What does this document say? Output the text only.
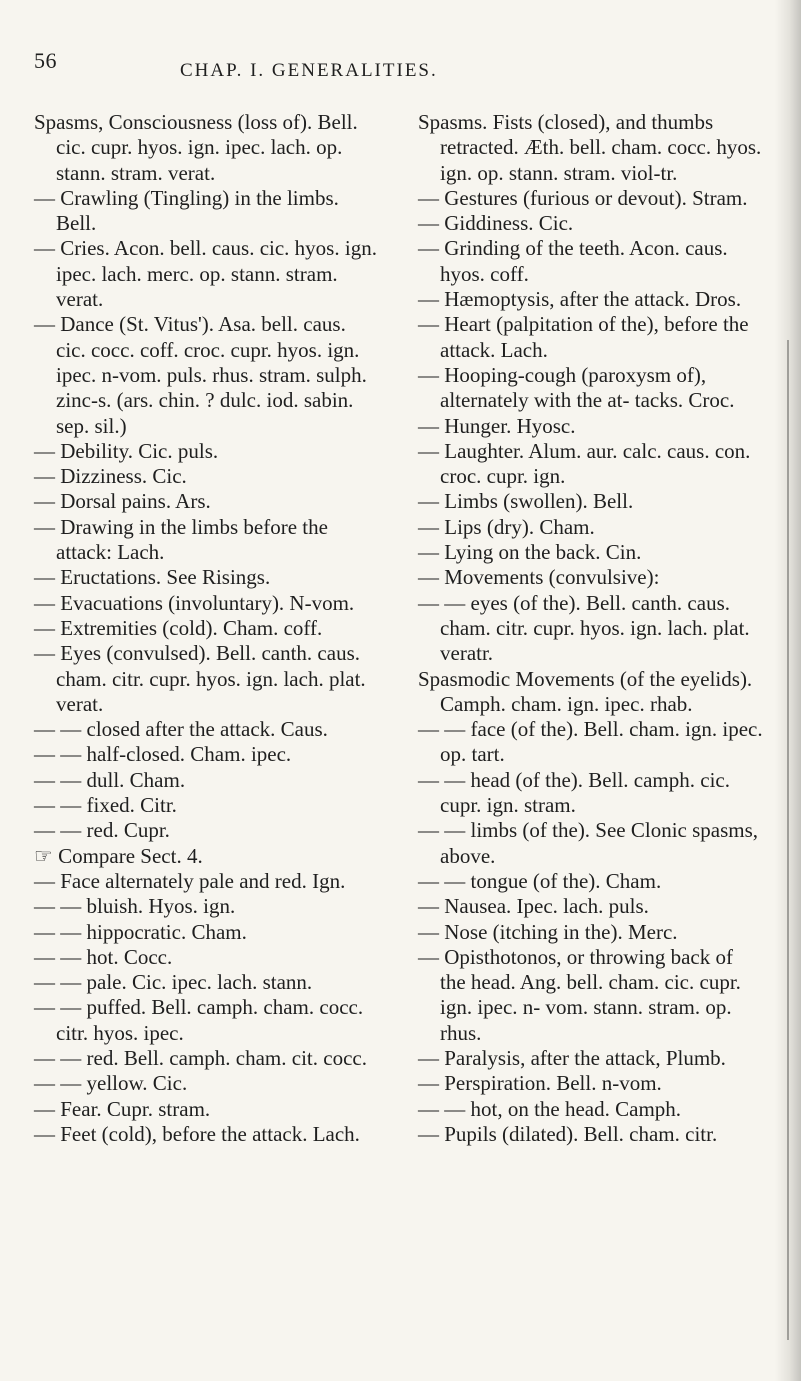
56	CHAP. I. GENERALITIES.

Spasms, Consciousness (loss of). Bell. cic. cupr. hyos. ign. ipec. lach. op. stann. stram. verat.

— Crawling (Tingling) in the limbs. Bell.

— Cries. Acon. bell. caus. cic. hyos. ign. ipec. lach. merc. op. stann. stram. verat.

— Dance (St. Vitus'). Asa. bell. caus. cic. cocc. coff. croc. cupr. hyos. ign. ipec. n-vom. puls. rhus. stram. sulph. zinc-s. (ars. chin. ? dulc. iod. sabin. sep. sil.)

— Debility. Cic. puls.

— Dizziness. Cic.

— Dorsal pains. Ars.

— Drawing in the limbs before the attack: Lach.

— Eructations. See Risings.

— Evacuations (involuntary). N-vom.

— Extremities (cold). Cham. coff.

— Eyes (convulsed). Bell. canth. caus. cham. citr. cupr. hyos. ign. lach. plat. verat.

— — closed after the attack. Caus.

— — half-closed. Cham. ipec.

— — dull. Cham.

— — fixed. Citr.

— — red. Cupr.

☞ Compare Sect. 4.

— Face alternately pale and red. Ign.

— — bluish. Hyos. ign.

— — hippocratic. Cham.

— — hot. Cocc.

— — pale. Cic. ipec. lach. stann.

— — puffed. Bell. camph. cham. cocc. citr. hyos. ipec.

— — red. Bell. camph. cham. cit. cocc.

— — yellow. Cic.

— Fear. Cupr. stram.

— Feet (cold), before the attack. Lach.

Spasms. Fists (closed), and thumbs retracted. Æth. bell. cham. cocc. hyos. ign. op. stann. stram. viol-tr.

— Gestures (furious or devout). Stram.

— Giddiness. Cic.

— Grinding of the teeth. Acon. caus. hyos. coff.

— Hæmoptysis, after the attack. Dros.

— Heart (palpitation of the), before the attack. Lach.

— Hooping-cough (paroxysm of), alternately with the at- tacks. Croc.

— Hunger. Hyosc.

— Laughter. Alum. aur. calc. caus. con. croc. cupr. ign.

— Limbs (swollen). Bell.

— Lips (dry). Cham.

— Lying on the back. Cin.

— Movements (convulsive):

— — eyes (of the). Bell. canth. caus. cham. citr. cupr. hyos. ign. lach. plat. veratr.

Spasmodic Movements (of the eyelids). Camph. cham. ign. ipec. rhab.

— — face (of the). Bell. cham. ign. ipec. op. tart.

— — head (of the). Bell. camph. cic. cupr. ign. stram.

— — limbs (of the). See Clonic spasms, above.

— — tongue (of the). Cham.

— Nausea. Ipec. lach. puls.

— Nose (itching in the). Merc.

— Opisthotonos, or throwing back of the head. Ang. bell. cham. cic. cupr. ign. ipec. n- vom. stann. stram. op. rhus.

— Paralysis, after the attack, Plumb.

— Perspiration. Bell. n-vom.

— — hot, on the head. Camph.

— Pupils (dilated). Bell. cham. citr.
